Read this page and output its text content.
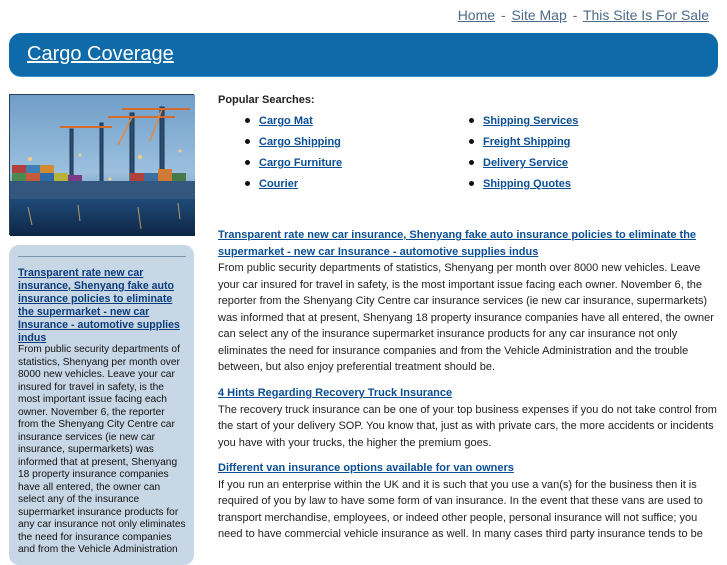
Home - Site Map - This Site Is For Sale
Cargo Coverage
Transparent rate new car insurance, Shenyang fake auto insurance policies to eliminate the supermarket - new car Insurance - automotive supplies indus
From public security departments of statistics, Shenyang per month over 8000 new vehicles. Leave your car insured for travel in safety, is the most important issue facing each owner. November 6, the reporter from the Shenyang City Centre car insurance services (ie new car insurance, supermarkets) was informed that at present, Shenyang 18 property insurance companies have all entered, the owner can select any of the insurance supermarket insurance products for any car insurance not only eliminates the need for insurance companies and from the Vehicle Administration
Popular Searches:
Cargo Mat
Cargo Shipping
Cargo Furniture
Courier
Shipping Services
Freight Shipping
Delivery Service
Shipping Quotes
Transparent rate new car insurance, Shenyang fake auto insurance policies to eliminate the supermarket - new car Insurance - automotive supplies indus
From public security departments of statistics, Shenyang per month over 8000 new vehicles. Leave your car insured for travel in safety, is the most important issue facing each owner. November 6, the reporter from the Shenyang City Centre car insurance services (ie new car insurance, supermarkets) was informed that at present, Shenyang 18 property insurance companies have all entered, the owner can select any of the insurance supermarket insurance products for any car insurance not only eliminates the need for insurance companies and from the Vehicle Administration and the trouble between, but also enjoy preferential treatment should be.
4 Hints Regarding Recovery Truck Insurance
The recovery truck insurance can be one of your top business expenses if you do not take control from the start of your delivery SOP. You know that, just as with private cars, the more accidents or incidents you have with your trucks, the higher the premium goes.
Different van insurance options available for van owners
If you run an enterprise within the UK and it is such that you use a van(s) for the business then it is required of you by law to have some form of van insurance. In the event that these vans are used to transport merchandise, employees, or indeed other people, personal insurance will not suffice; you need to have commercial vehicle insurance as well. In many cases third party insurance tends to be
